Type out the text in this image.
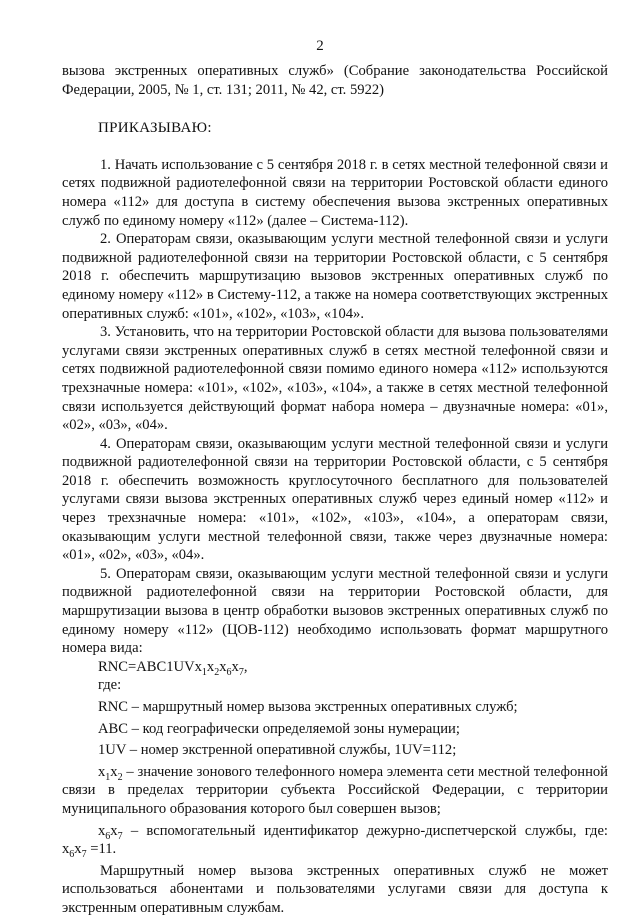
2

вызова экстренных оперативных служб» (Собрание законодательства Российской Федерации, 2005, № 1, ст. 131; 2011, № 42, ст. 5922)

ПРИКАЗЫВАЮ:

1. Начать использование с 5 сентября 2018 г. в сетях местной телефонной связи и сетях подвижной радиотелефонной связи на территории Ростовской области единого номера «112» для доступа в систему обеспечения вызова экстренных оперативных служб по единому номеру «112» (далее – Система-112).

2. Операторам связи, оказывающим услуги местной телефонной связи и услуги подвижной радиотелефонной связи на территории Ростовской области, с 5 сентября 2018 г. обеспечить маршрутизацию вызовов экстренных оперативных служб по единому номеру «112» в Систему-112, а также на номера соответствующих экстренных оперативных служб: «101», «102», «103», «104».

3. Установить, что на территории Ростовской области для вызова пользователями услугами связи экстренных оперативных служб в сетях местной телефонной связи и сетях подвижной радиотелефонной связи помимо единого номера «112» используются трехзначные номера: «101», «102», «103», «104», а также в сетях местной телефонной связи используется действующий формат набора номера – двузначные номера: «01», «02», «03», «04».

4. Операторам связи, оказывающим услуги местной телефонной связи и услуги подвижной радиотелефонной связи на территории Ростовской области, с 5 сентября 2018 г. обеспечить возможность круглосуточного бесплатного для пользователей услугами связи вызова экстренных оперативных служб через единый номер «112» и через трехзначные номера: «101», «102», «103», «104», а операторам связи, оказывающим услуги местной телефонной связи, также через двузначные номера: «01», «02», «03», «04».

5. Операторам связи, оказывающим услуги местной телефонной связи и услуги подвижной радиотелефонной связи на территории Ростовской области, для маршрутизации вызова в центр обработки вызовов экстренных оперативных служб по единому номеру «112» (ЦОВ-112) необходимо использовать формат маршрутного номера вида:

$RNC=ABC1UVx_1x_2x_6x_7$,

где:

RNC – маршрутный номер вызова экстренных оперативных служб;

ABC – код географически определяемой зоны нумерации;

1UV – номер экстренной оперативной службы, 1UV=112;

$x_1x_2$ – значение зонового телефонного номера элемента сети местной телефонной связи в пределах территории субъекта Российской Федерации, с территории муниципального образования которого был совершен вызов;

$x_6x_7$ – вспомогательный идентификатор дежурно-диспетчерской службы, где: $x_6x_7 =11$.

Маршрутный номер вызова экстренных оперативных служб не может использоваться абонентами и пользователями услугами связи для доступа к экстренным оперативным службам.
